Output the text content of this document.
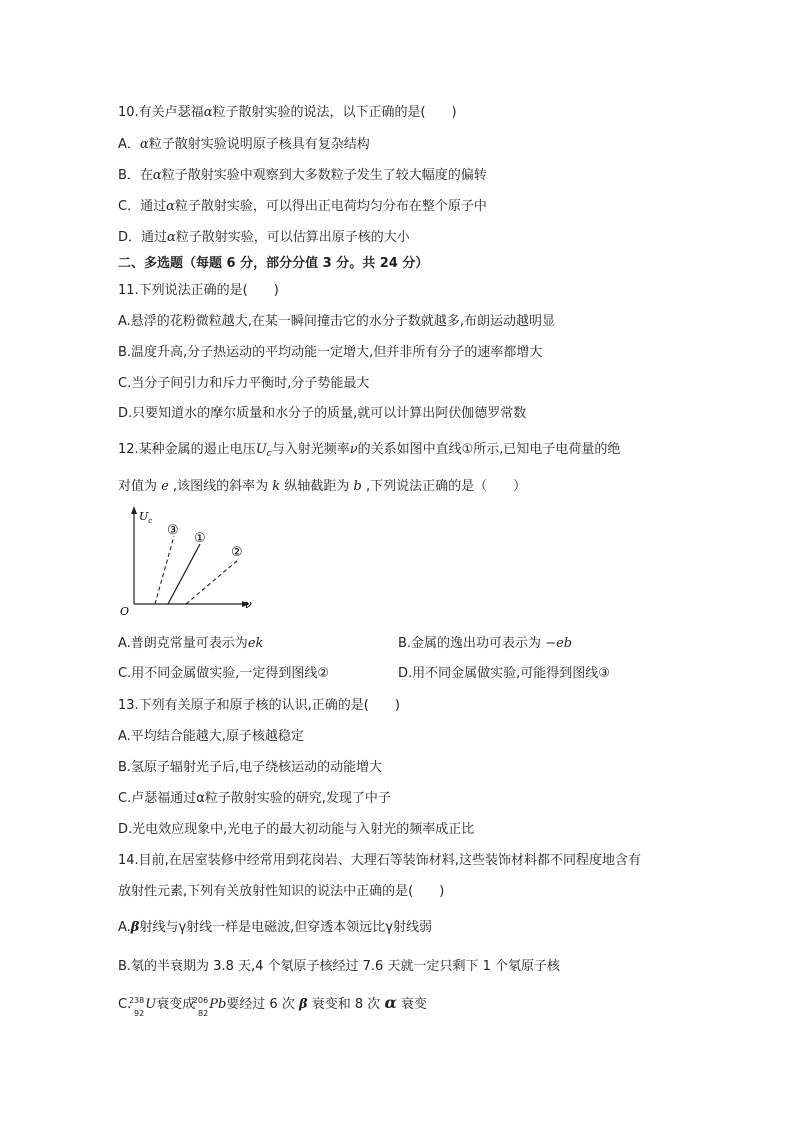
10.有关卢瑟福α粒子散射实验的说法，以下正确的是(　　)
A．α粒子散射实验说明原子核具有复杂结构
B．在α粒子散射实验中观察到大多数粒子发生了较大幅度的偏转
C．通过α粒子散射实验，可以得出正电荷均匀分布在整个原子中
D．通过α粒子散射实验，可以估算出原子核的大小
二、多选题（每题 6 分，部分分值 3 分。共 24 分）
11.下列说法正确的是(　　)
A.悬浮的花粉微粒越大,在某一瞬间撞击它的水分子数就越多,布朗运动越明显
B.温度升高,分子热运动的平均动能一定增大,但并非所有分子的速率都增大
C.当分子间引力和斥力平衡时,分子势能最大
D.只要知道水的摩尔质量和水分子的质量,就可以计算出阿伏伽德罗常数
12.某种金属的遏止电压$U_c$与入射光频率ν的关系如图中直线①所示,已知电子电荷量的绝
对值为 e ,该图线的斜率为 k 纵轴截距为 b ,下列说法正确的是（　　）
$U_c$
ν
O
③
①
②
A.普朗克常量可表示为ek	B.金属的逸出功可表示为 −eb
C.用不同金属做实验,一定得到图线②	D.用不同金属做实验,可能得到图线③
13.下列有关原子和原子核的认识,正确的是(　　)
A.平均结合能越大,原子核越稳定
B.氢原子辐射光子后,电子绕核运动的动能增大
C.卢瑟福通过α粒子散射实验的研究,发现了中子
D.光电效应现象中,光电子的最大初动能与入射光的频率成正比
14.目前,在居室装修中经常用到花岗岩、大理石等装饰材料,这些装饰材料都不同程度地含有
放射性元素,下列有关放射性知识的说法中正确的是(　　)
A.β射线与γ射线一样是电磁波,但穿透本领远比γ射线弱
B.氡的半衰期为 3.8 天,4 个氡原子核经过 7.6 天就一定只剩下 1 个氡原子核
C.
238
92
U衰变成
206
82
Pb要经过 6 次 β 衰变和 8 次 α 衰变
